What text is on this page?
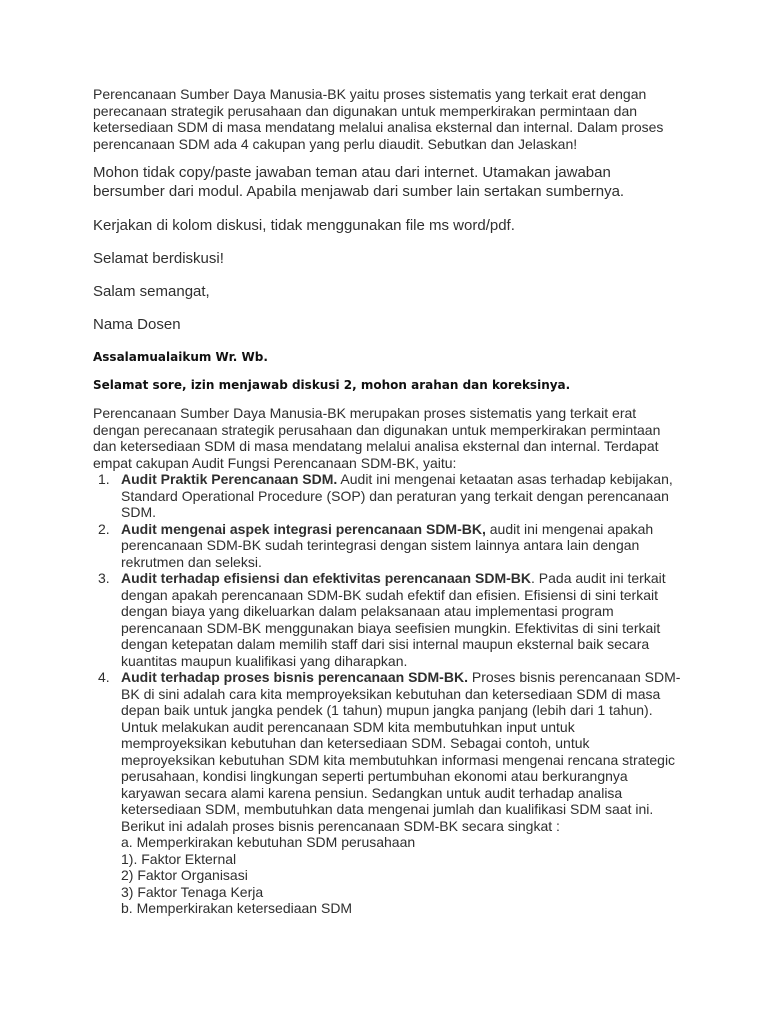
Perencanaan Sumber Daya Manusia-BK yaitu proses sistematis yang terkait erat dengan perecanaan strategik perusahaan dan digunakan untuk memperkirakan permintaan dan ketersediaan SDM di masa mendatang melalui analisa eksternal dan internal. Dalam proses perencanaan SDM ada 4 cakupan yang perlu diaudit. Sebutkan dan Jelaskan!

Mohon tidak copy/paste jawaban teman atau dari internet. Utamakan jawaban bersumber dari modul. Apabila menjawab dari sumber lain sertakan sumbernya.

Kerjakan di kolom diskusi, tidak menggunakan file ms word/pdf.

Selamat berdiskusi!

Salam semangat,

Nama Dosen

Assalamualaikum Wr. Wb.

Selamat sore, izin menjawab diskusi 2, mohon arahan dan koreksinya.

Perencanaan Sumber Daya Manusia-BK merupakan proses sistematis yang terkait erat dengan perecanaan strategik perusahaan dan digunakan untuk memperkirakan permintaan dan ketersediaan SDM di masa mendatang melalui analisa eksternal dan internal. Terdapat empat cakupan Audit Fungsi Perencanaan SDM-BK, yaitu:

1. Audit Praktik Perencanaan SDM. Audit ini mengenai ketaatan asas terhadap kebijakan, Standard Operational Procedure (SOP) dan peraturan yang terkait dengan perencanaan SDM.
2. Audit mengenai aspek integrasi perencanaan SDM-BK, audit ini mengenai apakah perencanaan SDM-BK sudah terintegrasi dengan sistem lainnya antara lain dengan rekrutmen dan seleksi.
3. Audit terhadap efisiensi dan efektivitas perencanaan SDM-BK. Pada audit ini terkait dengan apakah perencanaan SDM-BK sudah efektif dan efisien. Efisiensi di sini terkait dengan biaya yang dikeluarkan dalam pelaksanaan atau implementasi program perencanaan SDM-BK menggunakan biaya seefisien mungkin. Efektivitas di sini terkait dengan ketepatan dalam memilih staff dari sisi internal maupun eksternal baik secara kuantitas maupun kualifikasi yang diharapkan.
4. Audit terhadap proses bisnis perencanaan SDM-BK. Proses bisnis perencanaan SDM-BK di sini adalah cara kita memproyeksikan kebutuhan dan ketersediaan SDM di masa depan baik untuk jangka pendek (1 tahun) mupun jangka panjang (lebih dari 1 tahun). Untuk melakukan audit perencanaan SDM kita membutuhkan input untuk memproyeksikan kebutuhan dan ketersediaan SDM. Sebagai contoh, untuk meproyeksikan kebutuhan SDM kita membutuhkan informasi mengenai rencana strategic perusahaan, kondisi lingkungan seperti pertumbuhan ekonomi atau berkurangnya karyawan secara alami karena pensiun. Sedangkan untuk audit terhadap analisa ketersediaan SDM, membutuhkan data mengenai jumlah dan kualifikasi SDM saat ini. Berikut ini adalah proses bisnis perencanaan SDM-BK secara singkat :
a. Memperkirakan kebutuhan SDM perusahaan
1). Faktor Ekternal
2) Faktor Organisasi
3) Faktor Tenaga Kerja
b. Memperkirakan ketersediaan SDM
